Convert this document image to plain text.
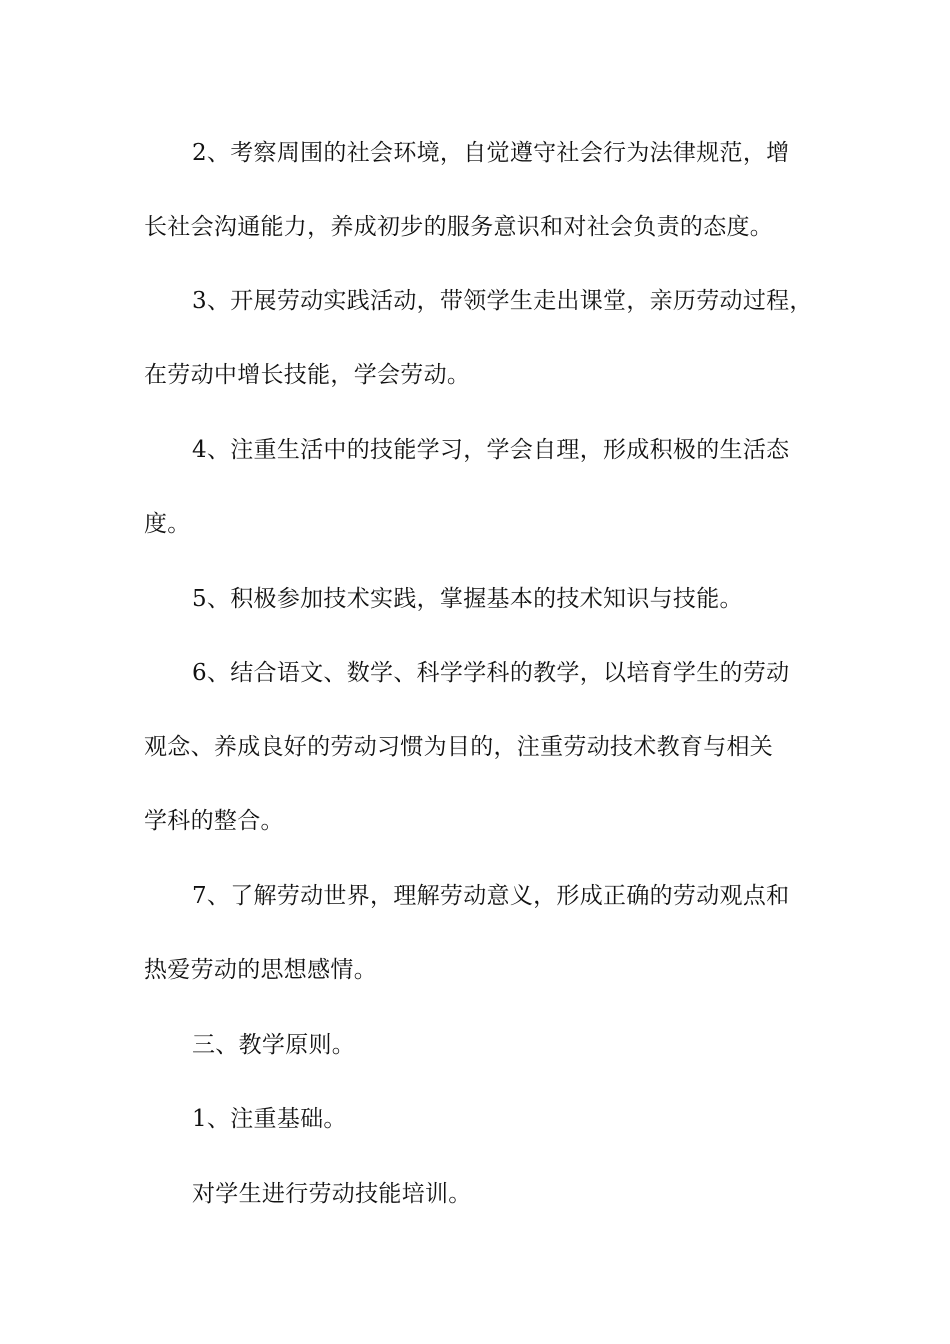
2、考察周围的社会环境，自觉遵守社会行为法律规范，增
长社会沟通能力，养成初步的服务意识和对社会负责的态度。

3、开展劳动实践活动，带领学生走出课堂，亲历劳动过程，
在劳动中增长技能，学会劳动。

4、注重生活中的技能学习，学会自理，形成积极的生活态
度。

5、积极参加技术实践，掌握基本的技术知识与技能。

6、结合语文、数学、科学学科的教学，以培育学生的劳动
观念、养成良好的劳动习惯为目的，注重劳动技术教育与相关
学科的整合。

7、了解劳动世界，理解劳动意义，形成正确的劳动观点和
热爱劳动的思想感情。

三、教学原则。

1、注重基础。

对学生进行劳动技能培训。
